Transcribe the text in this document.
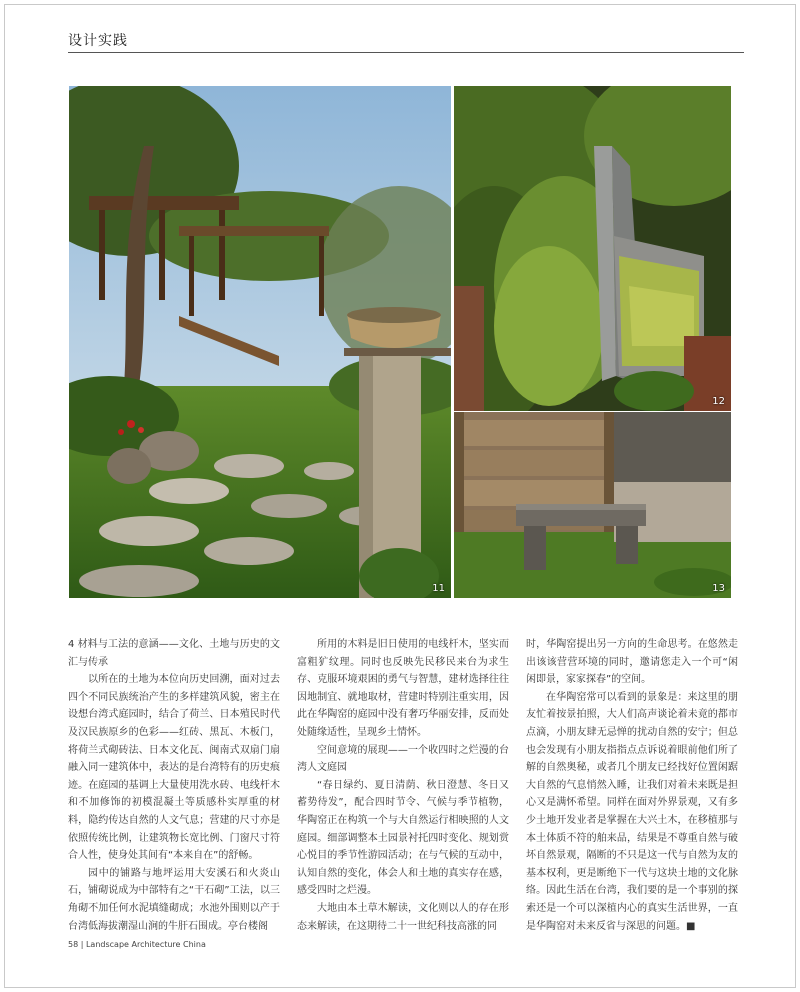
设计实践
11
12
13

4 材料与工法的意涵——文化、土地与历史的文汇与传承

以所在的土地为本位向历史回溯，面对过去四个不同民族统治产生的多样建筑风貌，密主在设想台湾式庭园时，结合了荷兰、日本殖民时代及汉民族原乡的色彩——红砖、黑瓦、木板门，将荷兰式砌砖法、日本文化瓦、闽南式双扇门扇融入同一建筑体中，表达的是台湾特有的历史痕迹。在庭园的基调上大量使用洗水砖、电线杆木和不加修饰的初模混凝土等质感朴实厚重的材料，隐约传达自然的人文气息；营建的尺寸亦是依照传统比例，让建筑物长宽比例、门窗尺寸符合人性，使身处其间有“本来自在”的舒畅。

园中的铺路与地坪运用大安溪石和火炎山石，铺砌说成为中部特有之“干石砌”工法，以三角砌不加任何水泥填缝砌成；水池外围则以产于台湾低海拔潮湿山涧的牛肝石围成。亭台楼阁

所用的木料是旧日使用的电线杆木，坚实而富粗犷纹理。同时也反映先民移民来台为求生存、克服环境艰困的勇气与智慧，建材选择往往因地制宜、就地取材，营建时特别注重实用，因此在华陶窑的庭园中没有奢巧华丽安排，反而处处随缘适性，呈现乡土情怀。

空间意境的展现——一个收四时之烂漫的台湾人文庭园

“春日绿约、夏日清荫、秋日澄慧、冬日又蓄势待发”，配合四时节令、气候与季节植物，华陶窑正在构筑一个与大自然运行相映照的人文庭园。细部调整本土园景衬托四时变化、规划赏心悦目的季节性游园活动；在与气候的互动中，认知自然的变化，体会人和土地的真实存在感，感受四时之烂漫。

大地由本土草木解读，文化则以人的存在形态来解读，在这期待二十一世纪科技高涨的同

时，华陶窑提出另一方向的生命思考。在悠然走出该该营营环境的同时，邀请您走入一个可“闲闲即景，家家探春”的空间。

在华陶窑常可以看到的景象是：来这里的朋友忙着按景拍照，大人们高声谈论着未竟的都市点滴，小朋友肆无忌惮的扰动自然的安宁；但总也会发现有小朋友指指点点诉说着眼前他们所了解的自然奥秘，或者几个朋友已经找好位置闲踞大自然的气息悄然入睡，让我们对着未来既是担心又是满怀希望。同样在面对外界景观，又有多少土地开发业者是掌握在大兴土木，在移植那与本土体质不符的舶来品，结果是不尊重自然与破坏自然景观，隔断的不只是这一代与自然为友的基本权利，更是断绝下一代与这块土地的文化脉络。因此生活在台湾，我们要的是一个事别的探索还是一个可以深植内心的真实生活世界，一直是华陶窑对未来反省与深思的问题。■

58 | Landscape Architecture China
